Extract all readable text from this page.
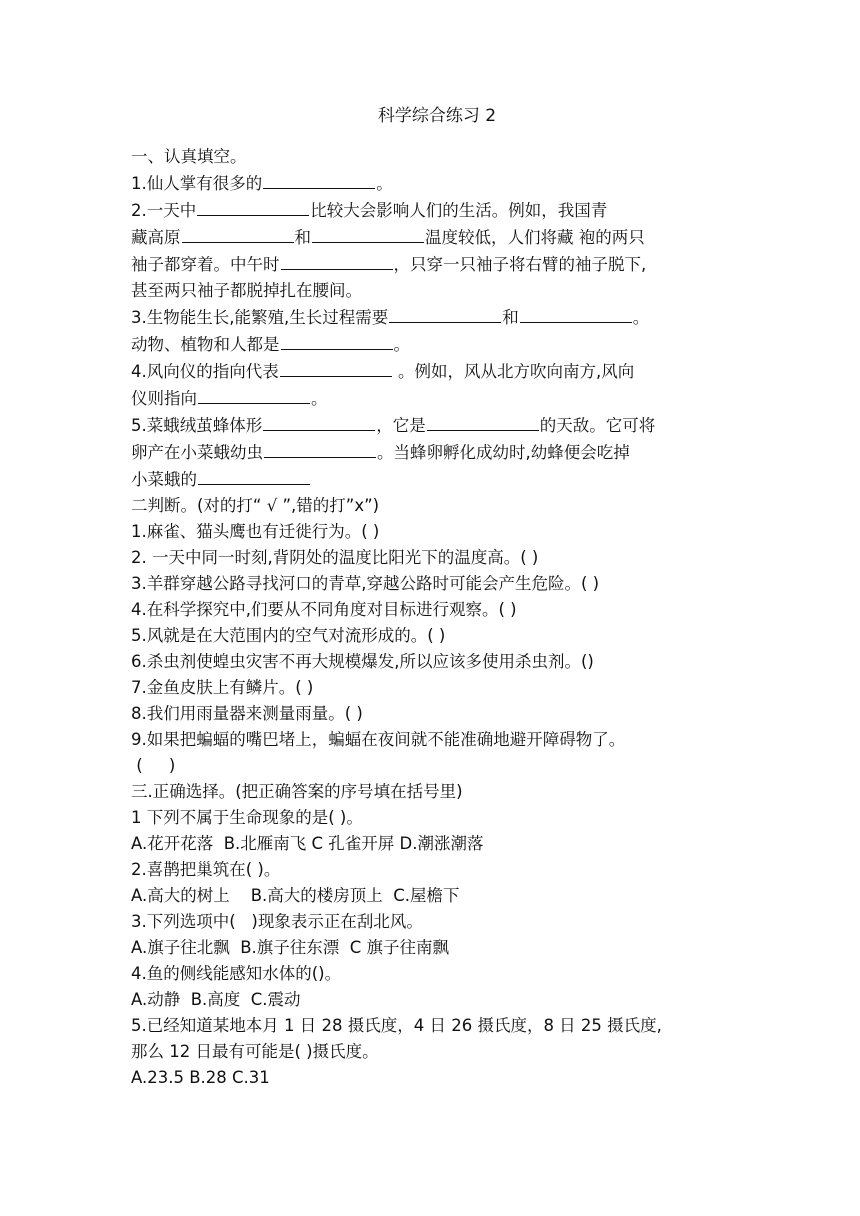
科学综合练习 2
一、认真填空。
1.仙人掌有很多的	。
2.一天中	比较大会影响人们的生活。例如，我国青
藏高原	和	温度较低，人们将藏 袍的两只
袖子都穿着。中午时	，只穿一只袖子将右臂的袖子脱下,
甚至两只袖子都脱掉扎在腰间。
3.生物能生长,能繁殖,生长过程需要	和	。
动物、植物和人都是	。
4.风向仪的指向代表	。例如，风从北方吹向南方,风向
仪则指向	。
5.菜蛾绒茧蜂体形	，它是	的天敌。它可将
卵产在小菜蛾幼虫	。当蜂卵孵化成幼时,幼蜂便会吃掉
小菜蛾的
二判断。(对的打“ √ ”,错的打”x”)
1.麻雀、猫头鹰也有迁徙行为。( )
2. 一天中同一时刻,背阴处的温度比阳光下的温度高。( )
3.羊群穿越公路寻找河口的青草,穿越公路时可能会产生危险。( )
4.在科学探究中,们要从不同角度对目标进行观察。( )
5.风就是在大范围内的空气对流形成的。( )
6.杀虫剂使蝗虫灾害不再大规模爆发,所以应该多使用杀虫剂。()
7.金鱼皮肤上有鳞片。( )
8.我们用雨量器来测量雨量。( )
9.如果把蝙蝠的嘴巴堵上，蝙蝠在夜间就不能准确地避开障碍物了。
(     )
三.正确选择。(把正确答案的序号填在括号里)
1 下列不属于生命现象的是( )。
A.花开花落  B.北雁南飞 C 孔雀开屏 D.潮涨潮落
2.喜鹊把巢筑在( )。
A.高大的树上    B.高大的楼房顶上  C.屋檐下
3.下列选项中(   )现象表示正在刮北风。
A.旗子往北飘  B.旗子往东漂  C 旗子往南飘
4.鱼的侧线能感知水体的()。
A.动静  B.高度  C.震动
5.已经知道某地本月 1 日 28 摄氏度，4 日 26 摄氏度，8 日 25 摄氏度,
那么 12 日最有可能是( )摄氏度。
A.23.5 B.28 C.31
